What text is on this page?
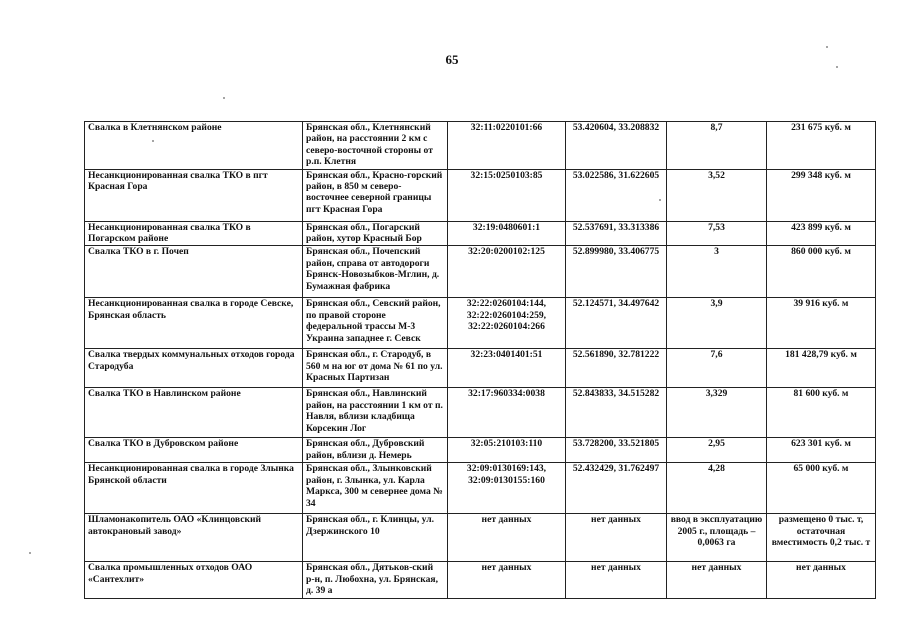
65
Свалка в Клетнянском районе	Брянская обл., Клетнянский район, на расстоянии 2 км с северо-восточной стороны от р.п. Клетня	32:11:0220101:66	53.420604, 33.208832	8,7	231 675 куб. м
Несанкционированная свалка ТКО в пгт Красная Гора	Брянская обл., Красно-горский район, в 850 м северо-восточнее северной границы пгт Красная Гора	32:15:0250103:85	53.022586, 31.622605	3,52	299 348 куб. м
Несанкционированная свалка ТКО в Погарском районе	Брянская обл., Погарский район, хутор Красный Бор	32:19:0480601:1	52.537691, 33.313386	7,53	423 899 куб. м
Свалка ТКО в г. Почеп	Брянская обл., Почепский район, справа от автодороги Брянск-Новозыбков-Мглин, д. Бумажная фабрика	32:20:0200102:125	52.899980, 33.406775	3	860 000 куб. м
Несанкционированная свалка в городе Севске, Брянская область	Брянская обл., Севский район, по правой стороне федеральной трассы М-3 Украина западнее г. Севск	32:22:0260104:144, 32:22:0260104:259, 32:22:0260104:266	52.124571, 34.497642	3,9	39 916 куб. м
Свалка твердых коммунальных отходов города Стародуба	Брянская обл., г. Стародуб, в 560 м на юг от дома № 61 по ул. Красных Партизан	32:23:0401401:51	52.561890, 32.781222	7,6	181 428,79 куб. м
Свалка ТКО в Навлинском районе	Брянская обл., Навлинский район, на расстоянии 1 км от п. Навля, вблизи кладбища Корсекин Лог	32:17:960334:0038	52.843833, 34.515282	3,329	81 600 куб. м
Свалка ТКО в Дубровском районе	Брянская обл., Дубровский район, вблизи д. Немерь	32:05:210103:110	53.728200, 33.521805	2,95	623 301 куб. м
Несанкционированная свалка в городе Злынка Брянской области	Брянская обл., Злынковский район, г. Злынка, ул. Карла Маркса, 300 м севернее дома № 34	32:09:0130169:143, 32:09:0130155:160	52.432429, 31.762497	4,28	65 000 куб. м
Шламонакопитель ОАО «Клинцовский автокрановый завод»	Брянская обл., г. Клинцы, ул. Дзержинского 10	нет данных	нет данных	ввод в эксплуатацию 2005 г., площадь – 0,0063 га	размещено 0 тыс. т, остаточная вместимость 0,2 тыс. т
Свалка промышленных отходов ОАО «Сантехлит»	Брянская обл., Дятьков-ский р-н, п. Любохна, ул. Брянская, д. 39 а	нет данных	нет данных	нет данных	нет данных
